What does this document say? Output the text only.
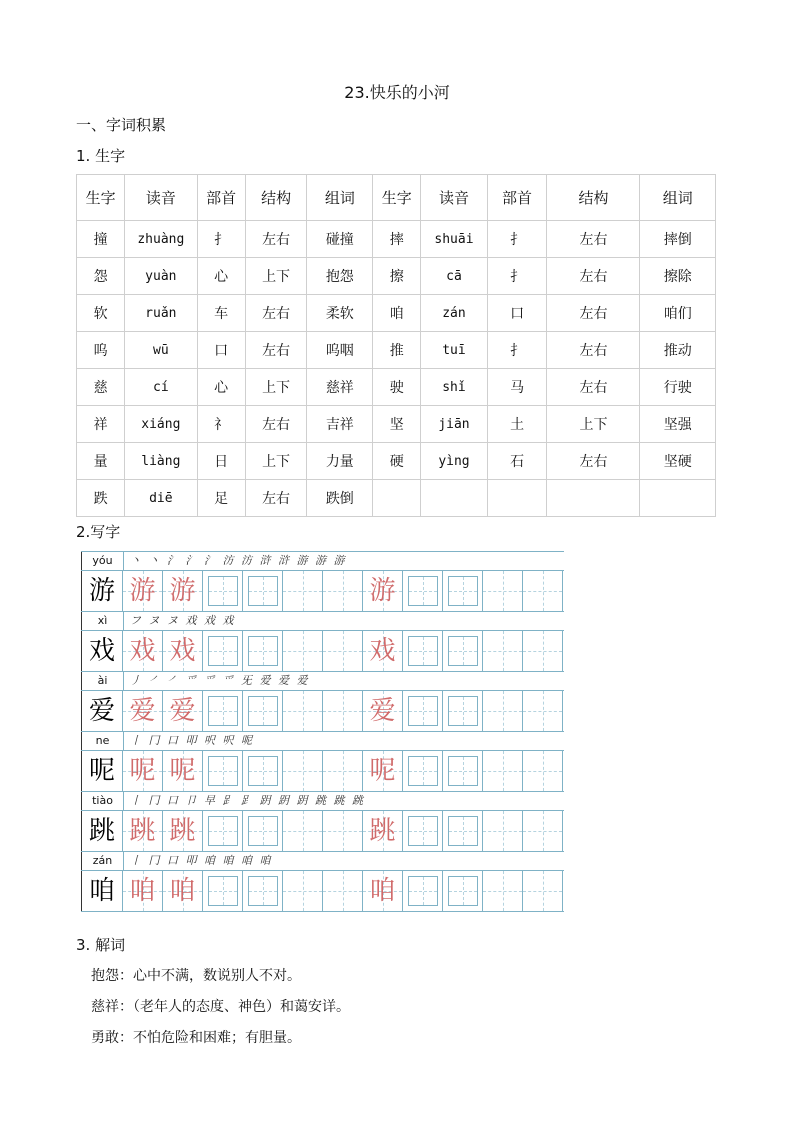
23.快乐的小河
一、字词积累
1. 生字
生字	读音	部首	结构	组词	生字	读音	部首	结构	组词
撞	zhuàng	扌	左右	碰撞	摔	shuāi	扌	左右	摔倒
怨	yuàn	心	上下	抱怨	擦	cā	扌	左右	擦除
软	ruǎn	车	左右	柔软	咱	zán	口	左右	咱们
呜	wū	口	左右	呜咽	推	tuī	扌	左右	推动
慈	cí	心	上下	慈祥	驶	shǐ	马	左右	行驶
祥	xiáng	礻	左右	吉祥	坚	jiān	土	上下	坚强
量	liàng	日	上下	力量	硬	yìng	石	左右	坚硬
跌	diē	足	左右	跌倒					
2.写字
yóu	丶 丶 氵 氵 氵 汸 汸 浒 浒 游 游 游
游 游 游	游
xì	フ ヌ ヌ 戏 戏 戏
戏 戏 戏	戏
ài	丿 ㇒ ㇒ 爫 爫 爫 旡 爱 爱 爱
爱 爱 爱	爱
ne	丨 冂 口 叩 呎 呎 呢
呢 呢 呢	呢
tiào	丨 冂 口 卩 早 𧾷 𧾷 跀 跀 跀 跳 跳 跳
跳 跳 跳	跳
zán	丨 冂 口 叩 咱 咱 咱 咱
咱 咱 咱	咱
3. 解词
抱怨：心中不满，数说别人不对。
慈祥：（老年人的态度、神色）和蔼安详。
勇敢：不怕危险和困难；有胆量。
